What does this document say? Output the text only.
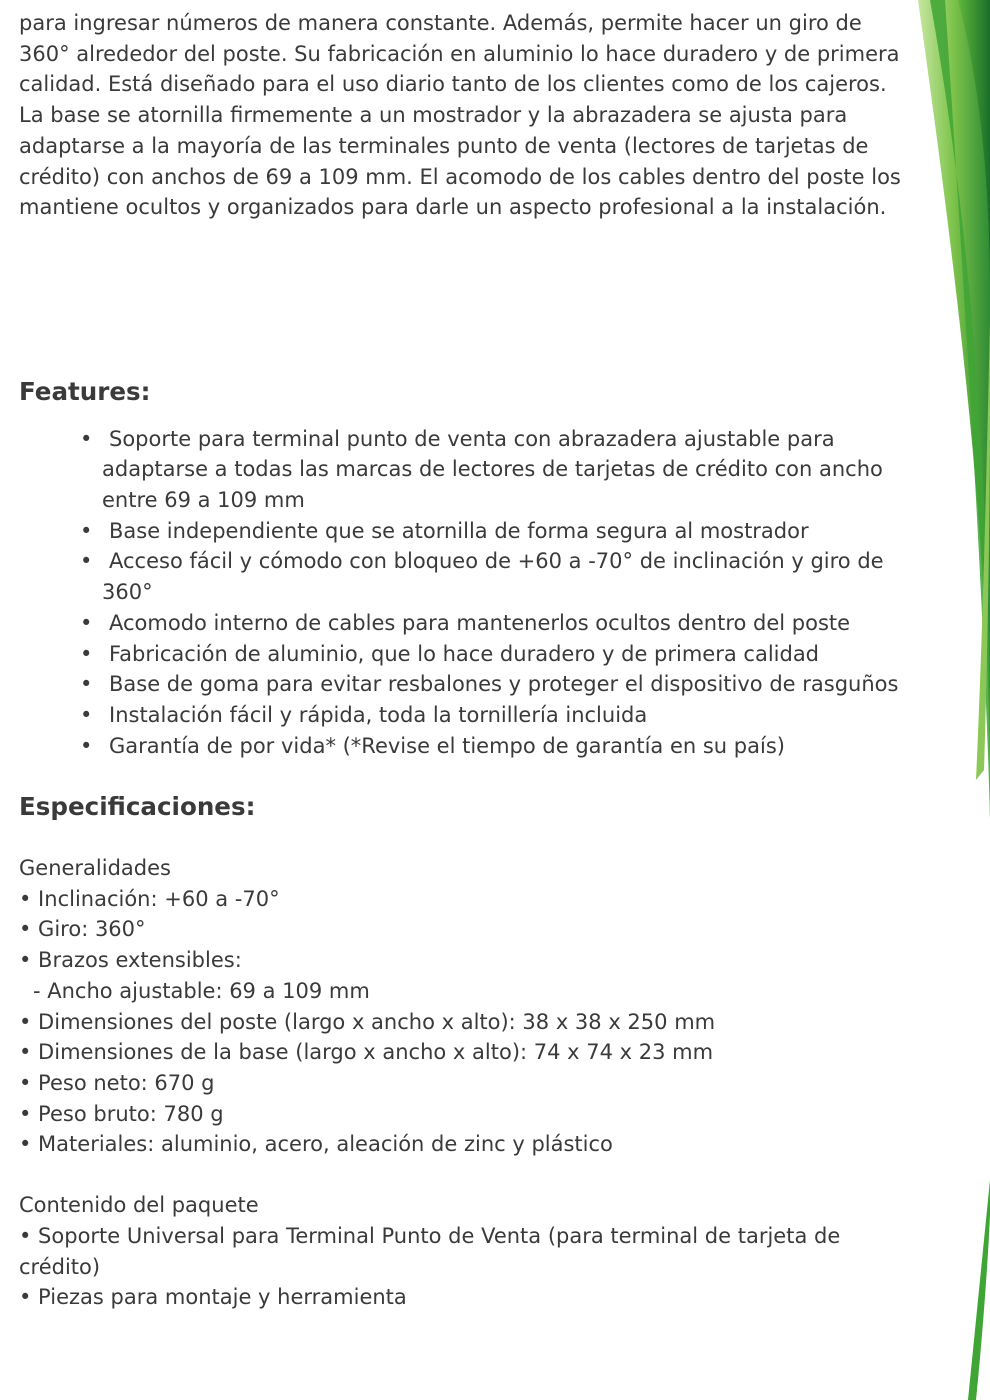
para ingresar números de manera constante. Además, permite hacer un giro de 360° alrededor del poste. Su fabricación en aluminio lo hace duradero y de primera calidad. Está diseñado para el uso diario tanto de los clientes como de los cajeros. La base se atornilla firmemente a un mostrador y la abrazadera se ajusta para adaptarse a la mayoría de las terminales punto de venta (lectores de tarjetas de crédito) con anchos de 69 a 109 mm. El acomodo de los cables dentro del poste los mantiene ocultos y organizados para darle un aspecto profesional a la instalación.

Features:
• Soporte para terminal punto de venta con abrazadera ajustable para adaptarse a todas las marcas de lectores de tarjetas de crédito con ancho entre 69 a 109 mm
• Base independiente que se atornilla de forma segura al mostrador
• Acceso fácil y cómodo con bloqueo de +60 a -70° de inclinación y giro de 360°
• Acomodo interno de cables para mantenerlos ocultos dentro del poste
• Fabricación de aluminio, que lo hace duradero y de primera calidad
• Base de goma para evitar resbalones y proteger el dispositivo de rasguños
• Instalación fácil y rápida, toda la tornillería incluida
• Garantía de por vida* (*Revise el tiempo de garantía en su país)
Especificaciones:

Generalidades

• Inclinación: +60 a -70°
• Giro: 360°
• Brazos extensibles:
- Ancho ajustable: 69 a 109 mm
• Dimensiones del poste (largo x ancho x alto): 38 x 38 x 250 mm
• Dimensiones de la base (largo x ancho x alto): 74 x 74 x 23 mm
• Peso neto: 670 g
• Peso bruto: 780 g
• Materiales: aluminio, acero, aleación de zinc y plástico

Contenido del paquete

• Soporte Universal para Terminal Punto de Venta (para terminal de tarjeta de crédito)
• Piezas para montaje y herramienta
